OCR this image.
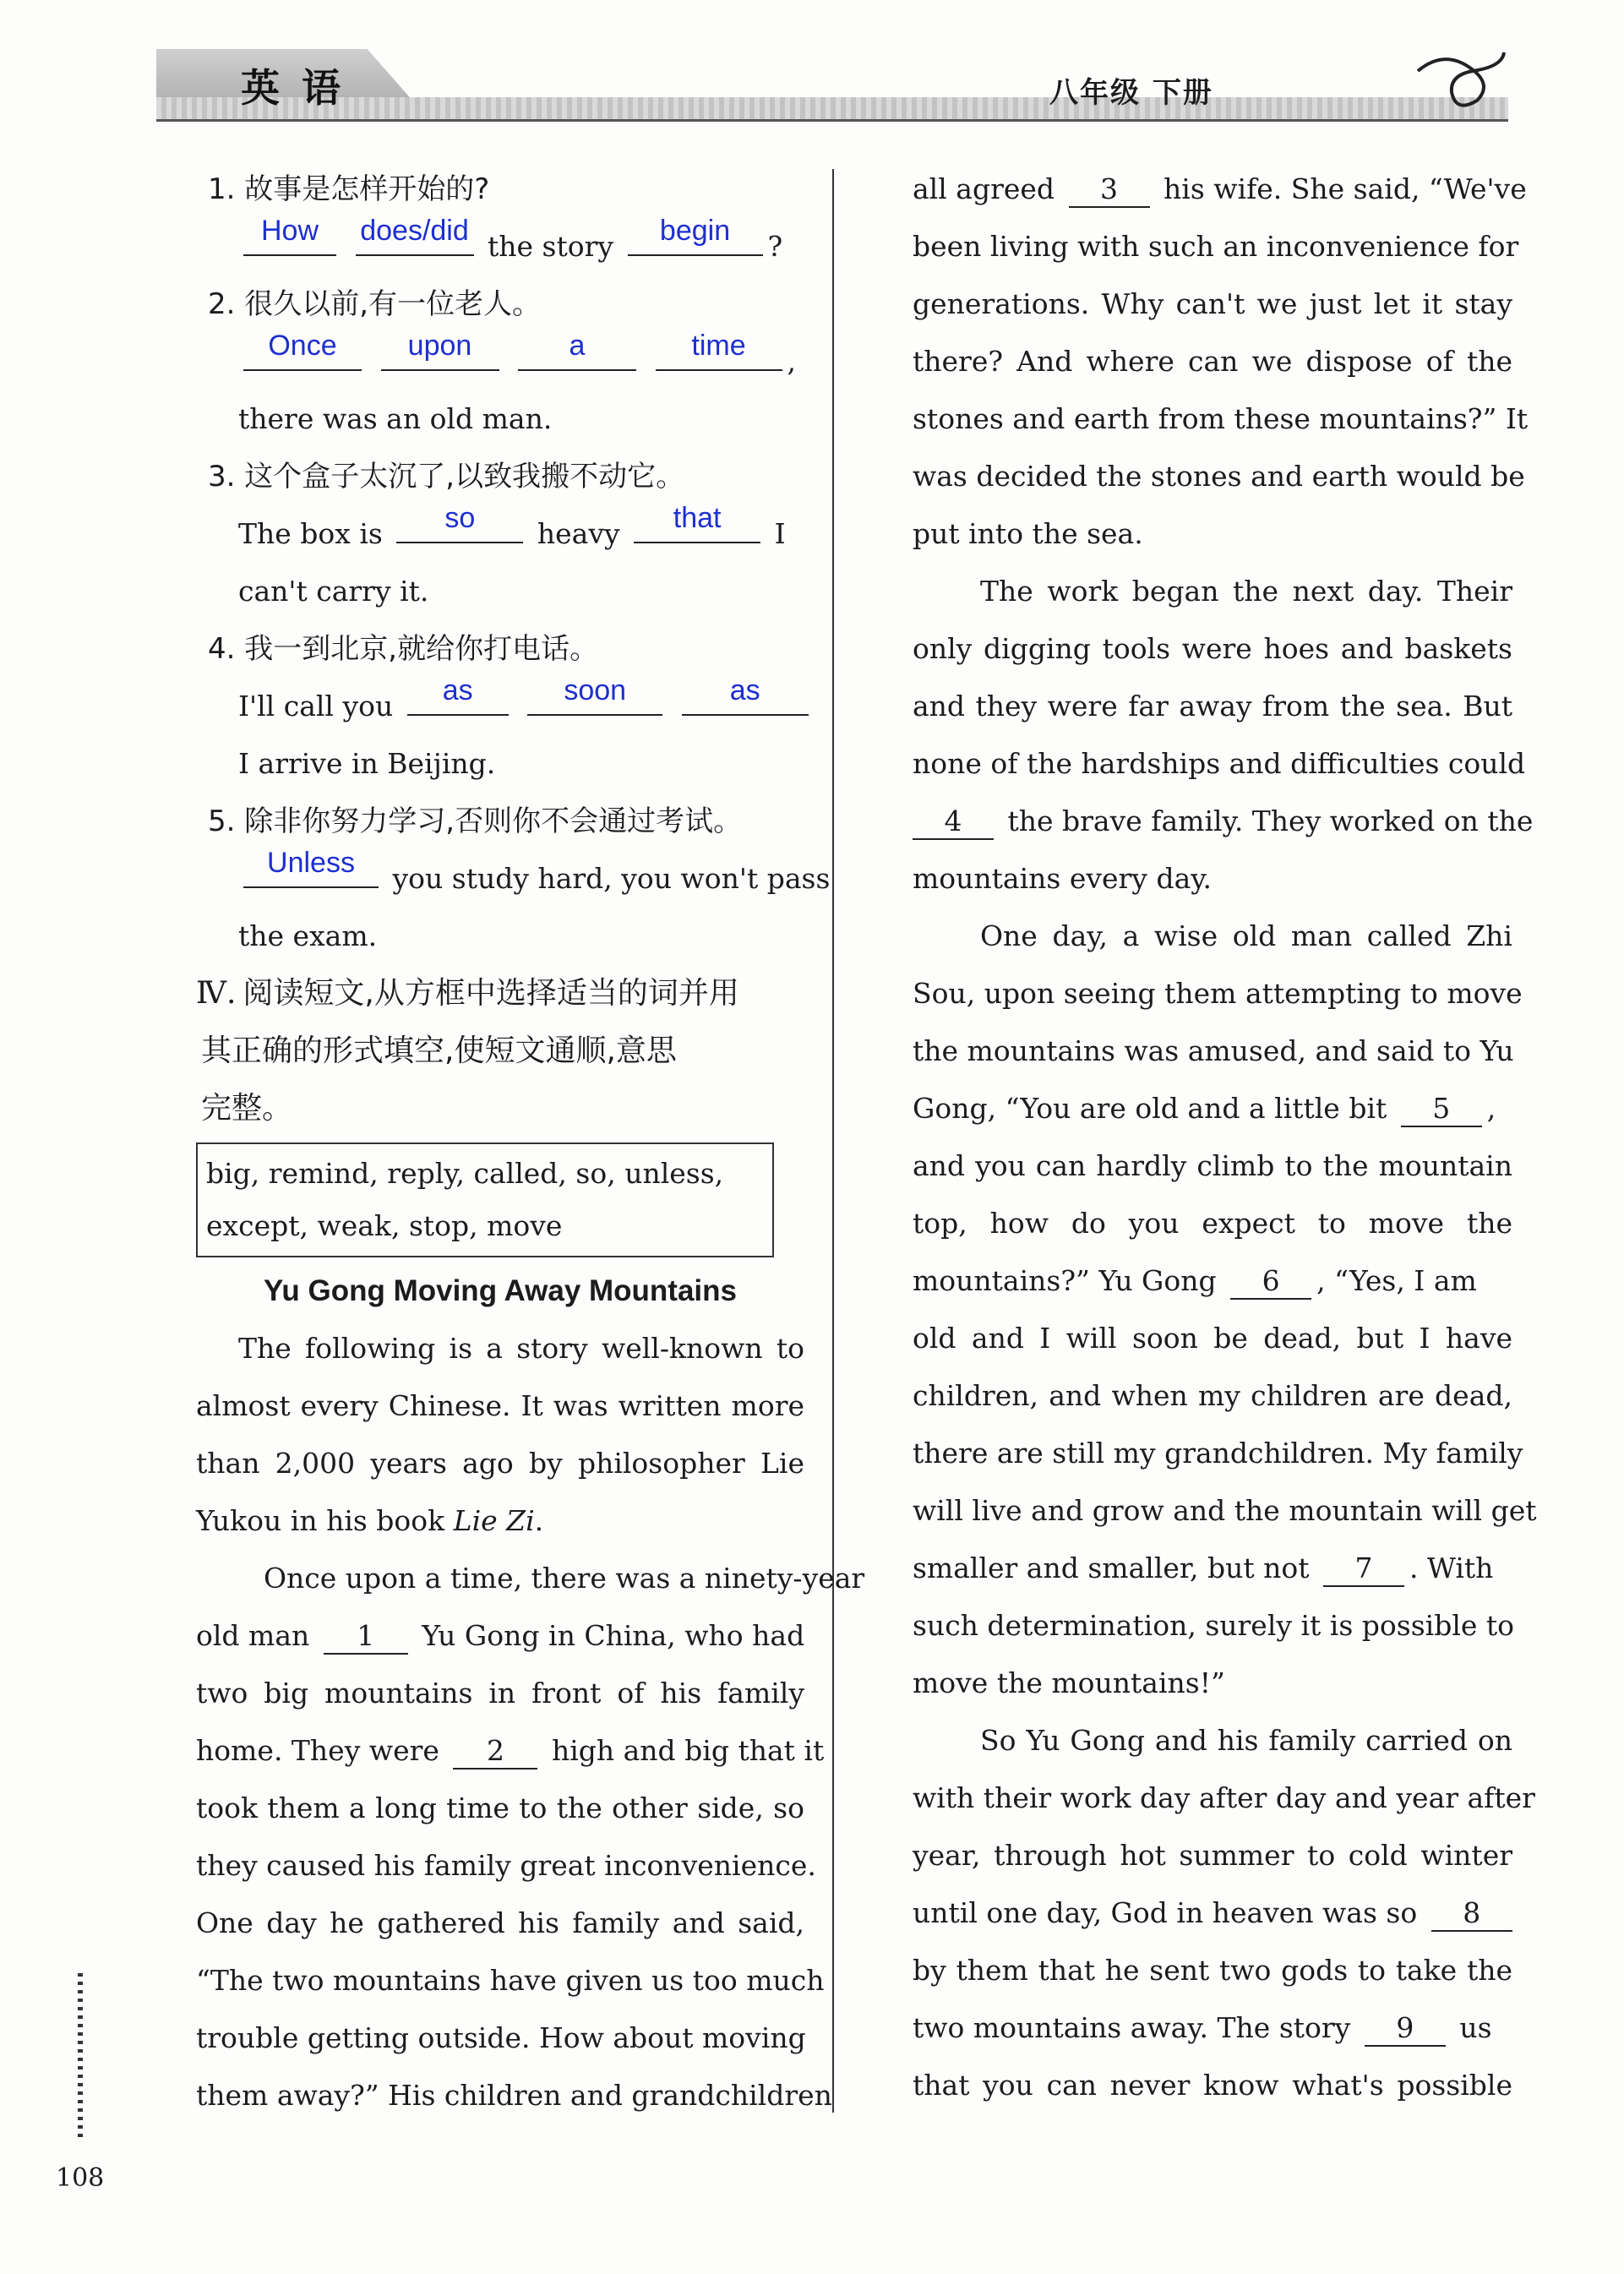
英语	八年级 下册
1. 故事是怎样开始的?
How
	does/did the story	begin	?
2. 很久以前,有一位老人。
Once
	upon
	a
	time	,
there was an old man.
3. 这个盒子太沉了,以致我搬不动它。
The box is	so	heavy	that	I
can't carry it.
4. 我一到北京,就给你打电话。
I'll call you	as
	soon
	as
I arrive in Beijing.
5. 除非你努力学习,否则你不会通过考试。
Unless	you study hard, you won't pass
the exam.
Ⅳ. 阅读短文,从方框中选择适当的词并用
其正确的形式填空,使短文通顺,意思
完整。
big, remind, reply, called, so, unless,
except, weak, stop, move
Yu Gong Moving Away Mountains
The following is a story well-known to
almost every Chinese. It was written more
than 2,000 years ago by philosopher Lie
Yukou in his book Lie Zi.
Once upon a time, there was a ninety-year
old man 1 Yu Gong in China, who had
two big mountains in front of his family
home. They were 2 high and big that it
took them a long time to the other side, so
they caused his family great inconvenience.
One day he gathered his family and said,
“The two mountains have given us too much
trouble getting outside. How about moving
them away?” His children and grandchildren
all agreed 3 his wife. She said, “We've
been living with such an inconvenience for
generations. Why can't we just let it stay
there? And where can we dispose of the
stones and earth from these mountains?” It
was decided the stones and earth would be
put into the sea.
The work began the next day. Their
only digging tools were hoes and baskets
and they were far away from the sea. But
none of the hardships and difficulties could
4 the brave family. They worked on the
mountains every day.
One day, a wise old man called Zhi
Sou, upon seeing them attempting to move
the mountains was amused, and said to Yu
Gong, “You are old and a little bit 5 ,
and you can hardly climb to the mountain
top, how do you expect to move the
mountains?” Yu Gong 6 , “Yes, I am
old and I will soon be dead, but I have
children, and when my children are dead,
there are still my grandchildren. My family
will live and grow and the mountain will get
smaller and smaller, but not 7 . With
such determination, surely it is possible to
move the mountains!”
So Yu Gong and his family carried on
with their work day after day and year after
year, through hot summer to cold winter
until one day, God in heaven was so 8
by them that he sent two gods to take the
two mountains away. The story 9 us
that you can never know what's possible
108
